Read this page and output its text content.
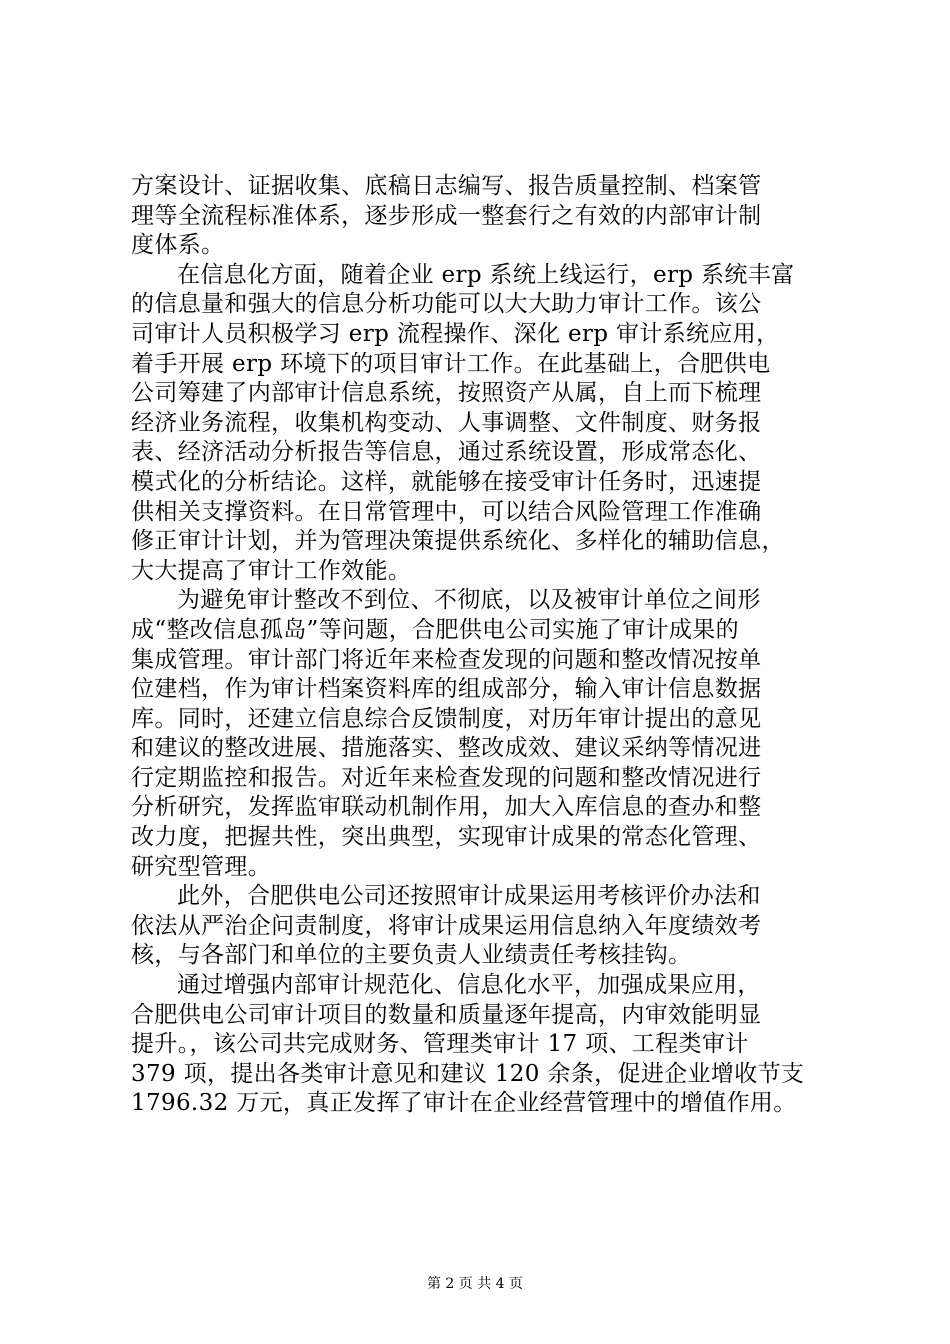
方案设计、证据收集、底稿日志编写、报告质量控制、档案管
理等全流程标准体系，逐步形成一整套行之有效的内部审计制
度体系。
在信息化方面，随着企业 erp 系统上线运行，erp 系统丰富
的信息量和强大的信息分析功能可以大大助力审计工作。该公
司审计人员积极学习 erp 流程操作、深化 erp 审计系统应用，
着手开展 erp 环境下的项目审计工作。在此基础上，合肥供电
公司筹建了内部审计信息系统，按照资产从属，自上而下梳理
经济业务流程，收集机构变动、人事调整、文件制度、财务报
表、经济活动分析报告等信息，通过系统设置，形成常态化、
模式化的分析结论。这样，就能够在接受审计任务时，迅速提
供相关支撑资料。在日常管理中，可以结合风险管理工作准确
修正审计计划，并为管理决策提供系统化、多样化的辅助信息，
大大提高了审计工作效能。
为避免审计整改不到位、不彻底，以及被审计单位之间形
成“整改信息孤岛”等问题，合肥供电公司实施了审计成果的
集成管理。审计部门将近年来检查发现的问题和整改情况按单
位建档，作为审计档案资料库的组成部分，输入审计信息数据
库。同时，还建立信息综合反馈制度，对历年审计提出的意见
和建议的整改进展、措施落实、整改成效、建议采纳等情况进
行定期监控和报告。对近年来检查发现的问题和整改情况进行
分析研究，发挥监审联动机制作用，加大入库信息的查办和整
改力度，把握共性，突出典型，实现审计成果的常态化管理、
研究型管理。
此外，合肥供电公司还按照审计成果运用考核评价办法和
依法从严治企问责制度，将审计成果运用信息纳入年度绩效考
核，与各部门和单位的主要负责人业绩责任考核挂钩。
通过增强内部审计规范化、信息化水平，加强成果应用，
合肥供电公司审计项目的数量和质量逐年提高，内审效能明显
提升。，该公司共完成财务、管理类审计 17 项、工程类审计
379 项，提出各类审计意见和建议 120 余条，促进企业增收节支
1796.32 万元，真正发挥了审计在企业经营管理中的增值作用。
第 2 页 共 4 页
